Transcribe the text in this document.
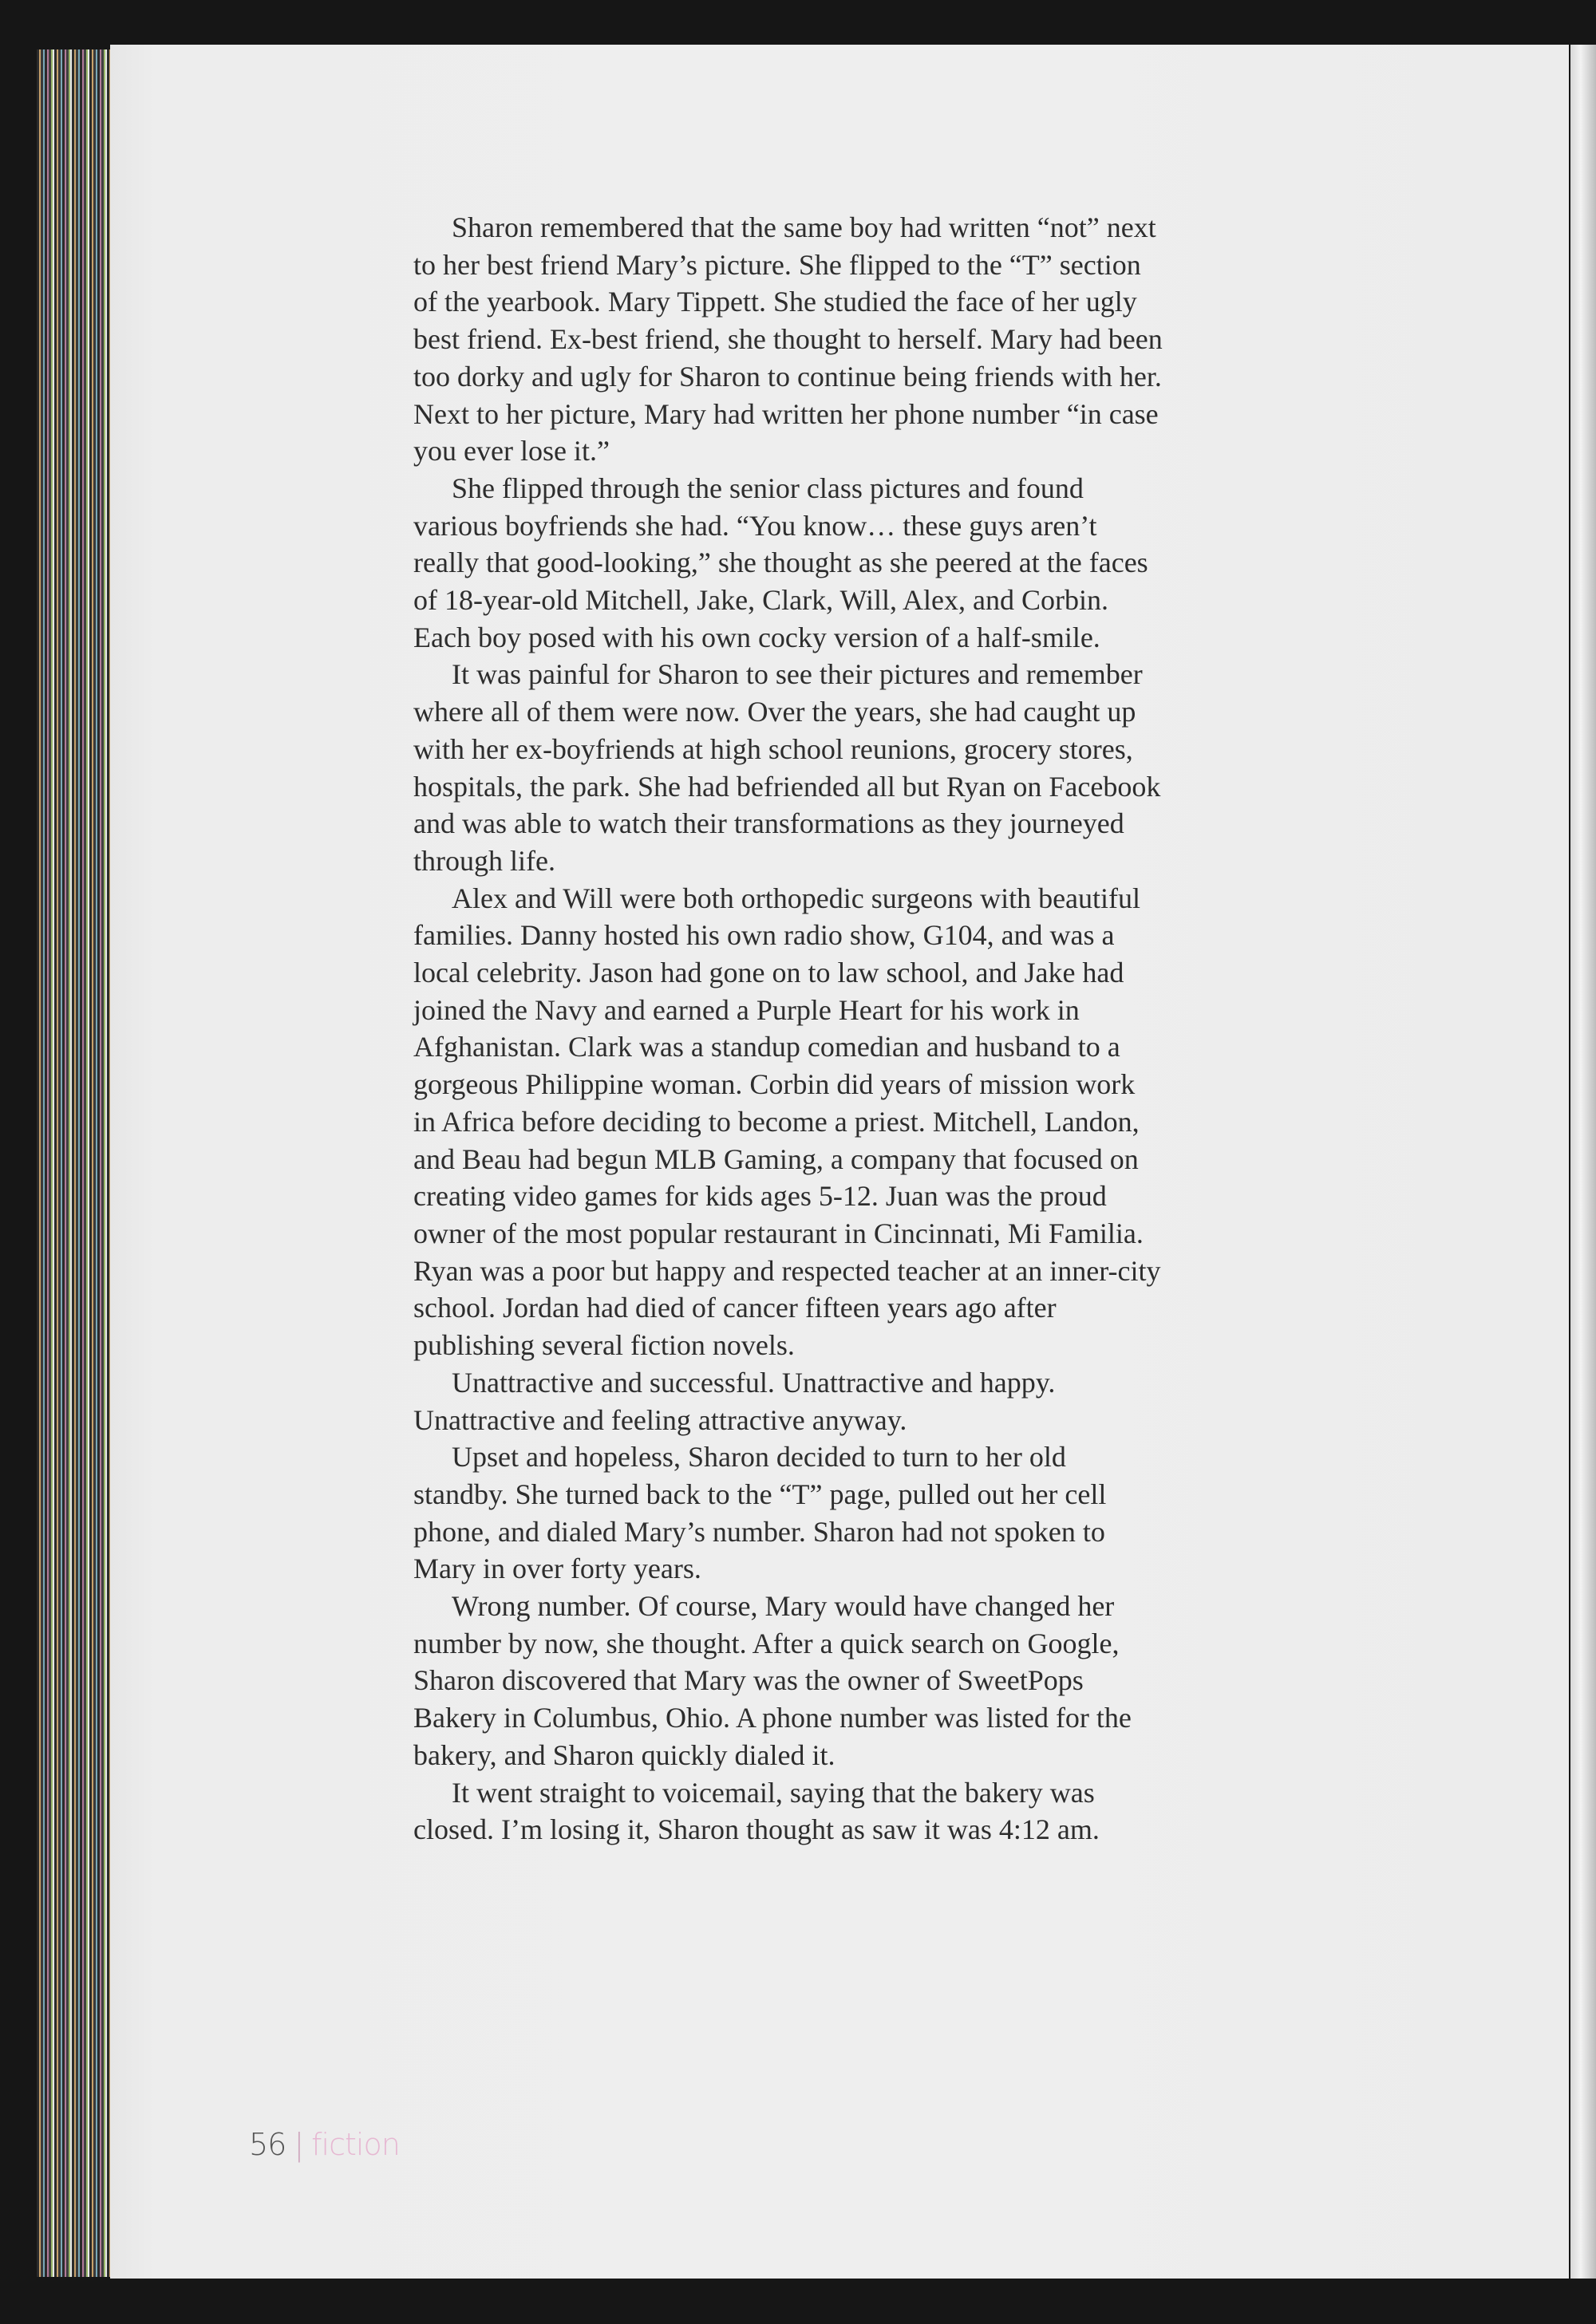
Sharon remembered that the same boy had written “not” next to her best friend Mary’s picture. She flipped to the “T” section of the yearbook. Mary Tippett. She studied the face of her ugly best friend. Ex-best friend, she thought to herself. Mary had been too dorky and ugly for Sharon to continue being friends with her. Next to her picture, Mary had written her phone number “in case you ever lose it.”

She flipped through the senior class pictures and found various boyfriends she had. “You know… these guys aren’t really that good-looking,” she thought as she peered at the faces of 18-year-old Mitchell, Jake, Clark, Will, Alex, and Corbin. Each boy posed with his own cocky version of a half-smile.

It was painful for Sharon to see their pictures and remember where all of them were now. Over the years, she had caught up with her ex-boyfriends at high school reunions, grocery stores, hospitals, the park. She had befriended all but Ryan on Facebook and was able to watch their transformations as they journeyed through life.

Alex and Will were both orthopedic surgeons with beautiful families. Danny hosted his own radio show, G104, and was a local celebrity. Jason had gone on to law school, and Jake had joined the Navy and earned a Purple Heart for his work in Afghanistan. Clark was a standup comedian and husband to a gorgeous Philippine woman. Corbin did years of mission work in Africa before deciding to become a priest. Mitchell, Landon, and Beau had begun MLB Gaming, a company that focused on creating video games for kids ages 5-12. Juan was the proud owner of the most popular restaurant in Cincinnati, Mi Familia. Ryan was a poor but happy and respected teacher at an inner-city school. Jordan had died of cancer fifteen years ago after publishing several fiction novels.

Unattractive and successful. Unattractive and happy. Unattractive and feeling attractive anyway.

Upset and hopeless, Sharon decided to turn to her old standby. She turned back to the “T” page, pulled out her cell phone, and dialed Mary’s number. Sharon had not spoken to Mary in over forty years.

Wrong number. Of course, Mary would have changed her number by now, she thought. After a quick search on Google, Sharon discovered that Mary was the owner of SweetPops Bakery in Columbus, Ohio. A phone number was listed for the bakery, and Sharon quickly dialed it.

It went straight to voicemail, saying that the bakery was closed. I’m losing it, Sharon thought as saw it was 4:12 am.

56 | fiction
